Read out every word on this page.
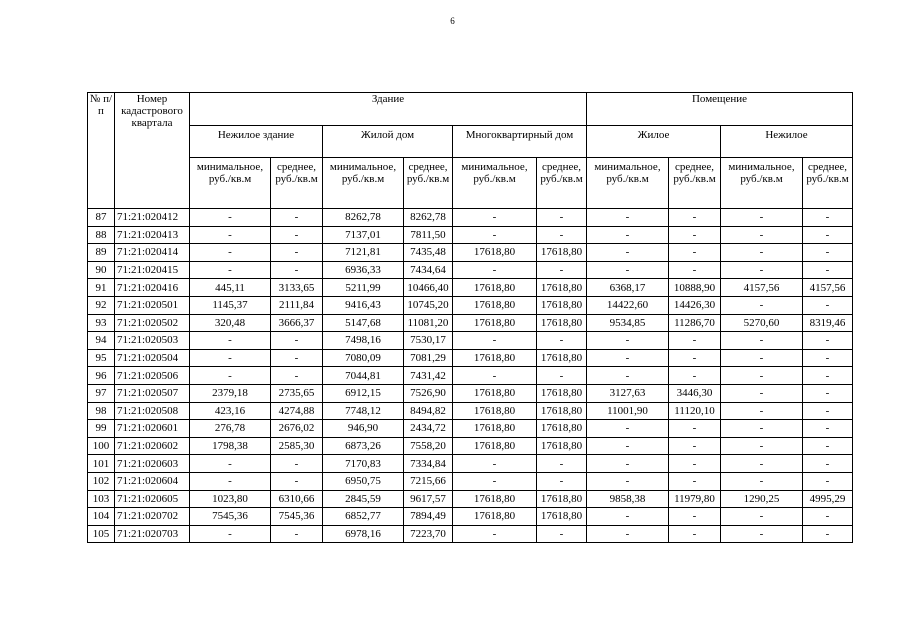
6
№ п/п	Номер кадастрового квартала	Здание						Помещение			
		Нежилое здание		Жилой дом		Многоквартирный дом		Жилое		Нежилое	
		минимальное, руб./кв.м	среднее, руб./кв.м	минимальное, руб./кв.м	среднее, руб./кв.м	минимальное, руб./кв.м	среднее, руб./кв.м	минимальное, руб./кв.м	среднее, руб./кв.м	минимальное, руб./кв.м	среднее, руб./кв.м
87	71:21:020412	-	-	8262,78	8262,78	-	-	-	-	-	-
88	71:21:020413	-	-	7137,01	7811,50	-	-	-	-	-	-
89	71:21:020414	-	-	7121,81	7435,48	17618,80	17618,80	-	-	-	-
90	71:21:020415	-	-	6936,33	7434,64	-	-	-	-	-	-
91	71:21:020416	445,11	3133,65	5211,99	10466,40	17618,80	17618,80	6368,17	10888,90	4157,56	4157,56
92	71:21:020501	1145,37	2111,84	9416,43	10745,20	17618,80	17618,80	14422,60	14426,30	-	-
93	71:21:020502	320,48	3666,37	5147,68	11081,20	17618,80	17618,80	9534,85	11286,70	5270,60	8319,46
94	71:21:020503	-	-	7498,16	7530,17	-	-	-	-	-	-
95	71:21:020504	-	-	7080,09	7081,29	17618,80	17618,80	-	-	-	-
96	71:21:020506	-	-	7044,81	7431,42	-	-	-	-	-	-
97	71:21:020507	2379,18	2735,65	6912,15	7526,90	17618,80	17618,80	3127,63	3446,30	-	-
98	71:21:020508	423,16	4274,88	7748,12	8494,82	17618,80	17618,80	11001,90	11120,10	-	-
99	71:21:020601	276,78	2676,02	946,90	2434,72	17618,80	17618,80	-	-	-	-
100	71:21:020602	1798,38	2585,30	6873,26	7558,20	17618,80	17618,80	-	-	-	-
101	71:21:020603	-	-	7170,83	7334,84	-	-	-	-	-	-
102	71:21:020604	-	-	6950,75	7215,66	-	-	-	-	-	-
103	71:21:020605	1023,80	6310,66	2845,59	9617,57	17618,80	17618,80	9858,38	11979,80	1290,25	4995,29
104	71:21:020702	7545,36	7545,36	6852,77	7894,49	17618,80	17618,80	-	-	-	-
105	71:21:020703	-	-	6978,16	7223,70	-	-	-	-	-	-
